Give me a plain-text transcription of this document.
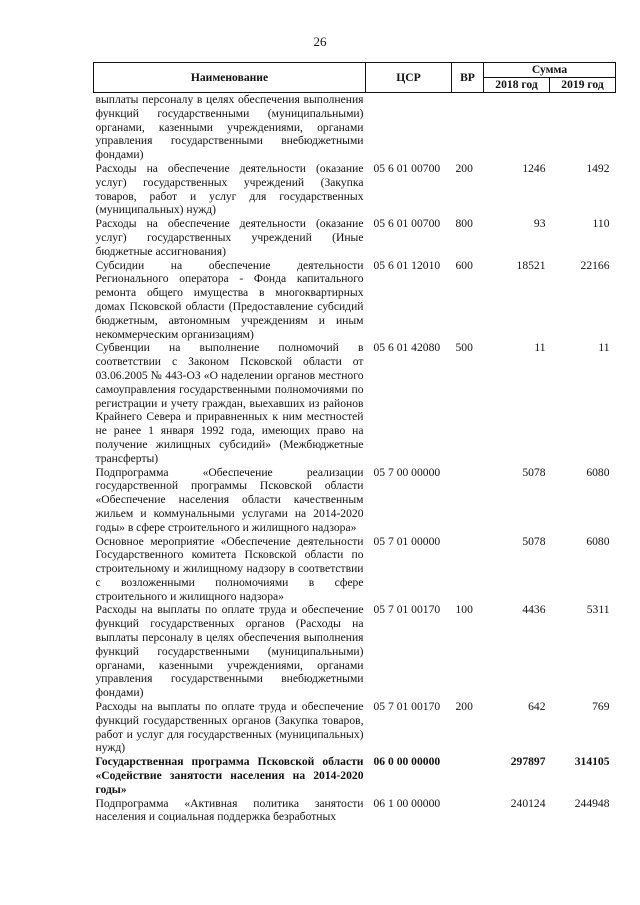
26
Наименование	ЦСР	ВР	Сумма	
			2018 год	2019 год
выплаты персоналу в целях обеспечения выполнения функций государственными (муниципальными) органами, казенными учреждениями, органами управления государственными внебюджетными фондами)				
Расходы на обеспечение деятельности (оказание услуг) государственных учреждений (Закупка товаров, работ и услуг для государственных (муниципальных) нужд)	05 6 01 00700	200	1246	1492
Расходы на обеспечение деятельности (оказание услуг) государственных учреждений (Иные бюджетные ассигнования)	05 6 01 00700	800	93	110
Субсидии на обеспечение деятельности Регионального оператора - Фонда капитального ремонта общего имущества в многоквартирных домах Псковской области (Предоставление субсидий бюджетным, автономным учреждениям и иным некоммерческим организациям)	05 6 01 12010	600	18521	22166
Субвенции на выполнение полномочий в соответствии с Законом Псковской области от 03.06.2005 № 443-ОЗ «О наделении органов местного самоуправления государственными полномочиями по регистрации и учету граждан, выехавших из районов Крайнего Севера и приравненных к ним местностей не ранее 1 января 1992 года, имеющих право на получение жилищных субсидий» (Межбюджетные трансферты)	05 6 01 42080	500	11	11
Подпрограмма «Обеспечение реализации государственной программы Псковской области «Обеспечение населения области качественным жильем и коммунальными услугами на 2014-2020 годы» в сфере строительного и жилищного надзора»	05 7 00 00000		5078	6080
Основное мероприятие «Обеспечение деятельности Государственного комитета Псковской области по строительному и жилищному надзору в соответствии с возложенными полномочиями в сфере строительного и жилищного надзора»	05 7 01 00000		5078	6080
Расходы на выплаты по оплате труда и обеспечение функций государственных органов (Расходы на выплаты персоналу в целях обеспечения выполнения функций государственными (муниципальными) органами, казенными учреждениями, органами управления государственными внебюджетными фондами)	05 7 01 00170	100	4436	5311
Расходы на выплаты по оплате труда и обеспечение функций государственных органов (Закупка товаров, работ и услуг для государственных (муниципальных) нужд)	05 7 01 00170	200	642	769
Государственная программа Псковской области «Содействие занятости населения на 2014-2020 годы»	06 0 00 00000		297897	314105
Подпрограмма «Активная политика занятости населения и социальная поддержка безработных	06 1 00 00000		240124	244948
